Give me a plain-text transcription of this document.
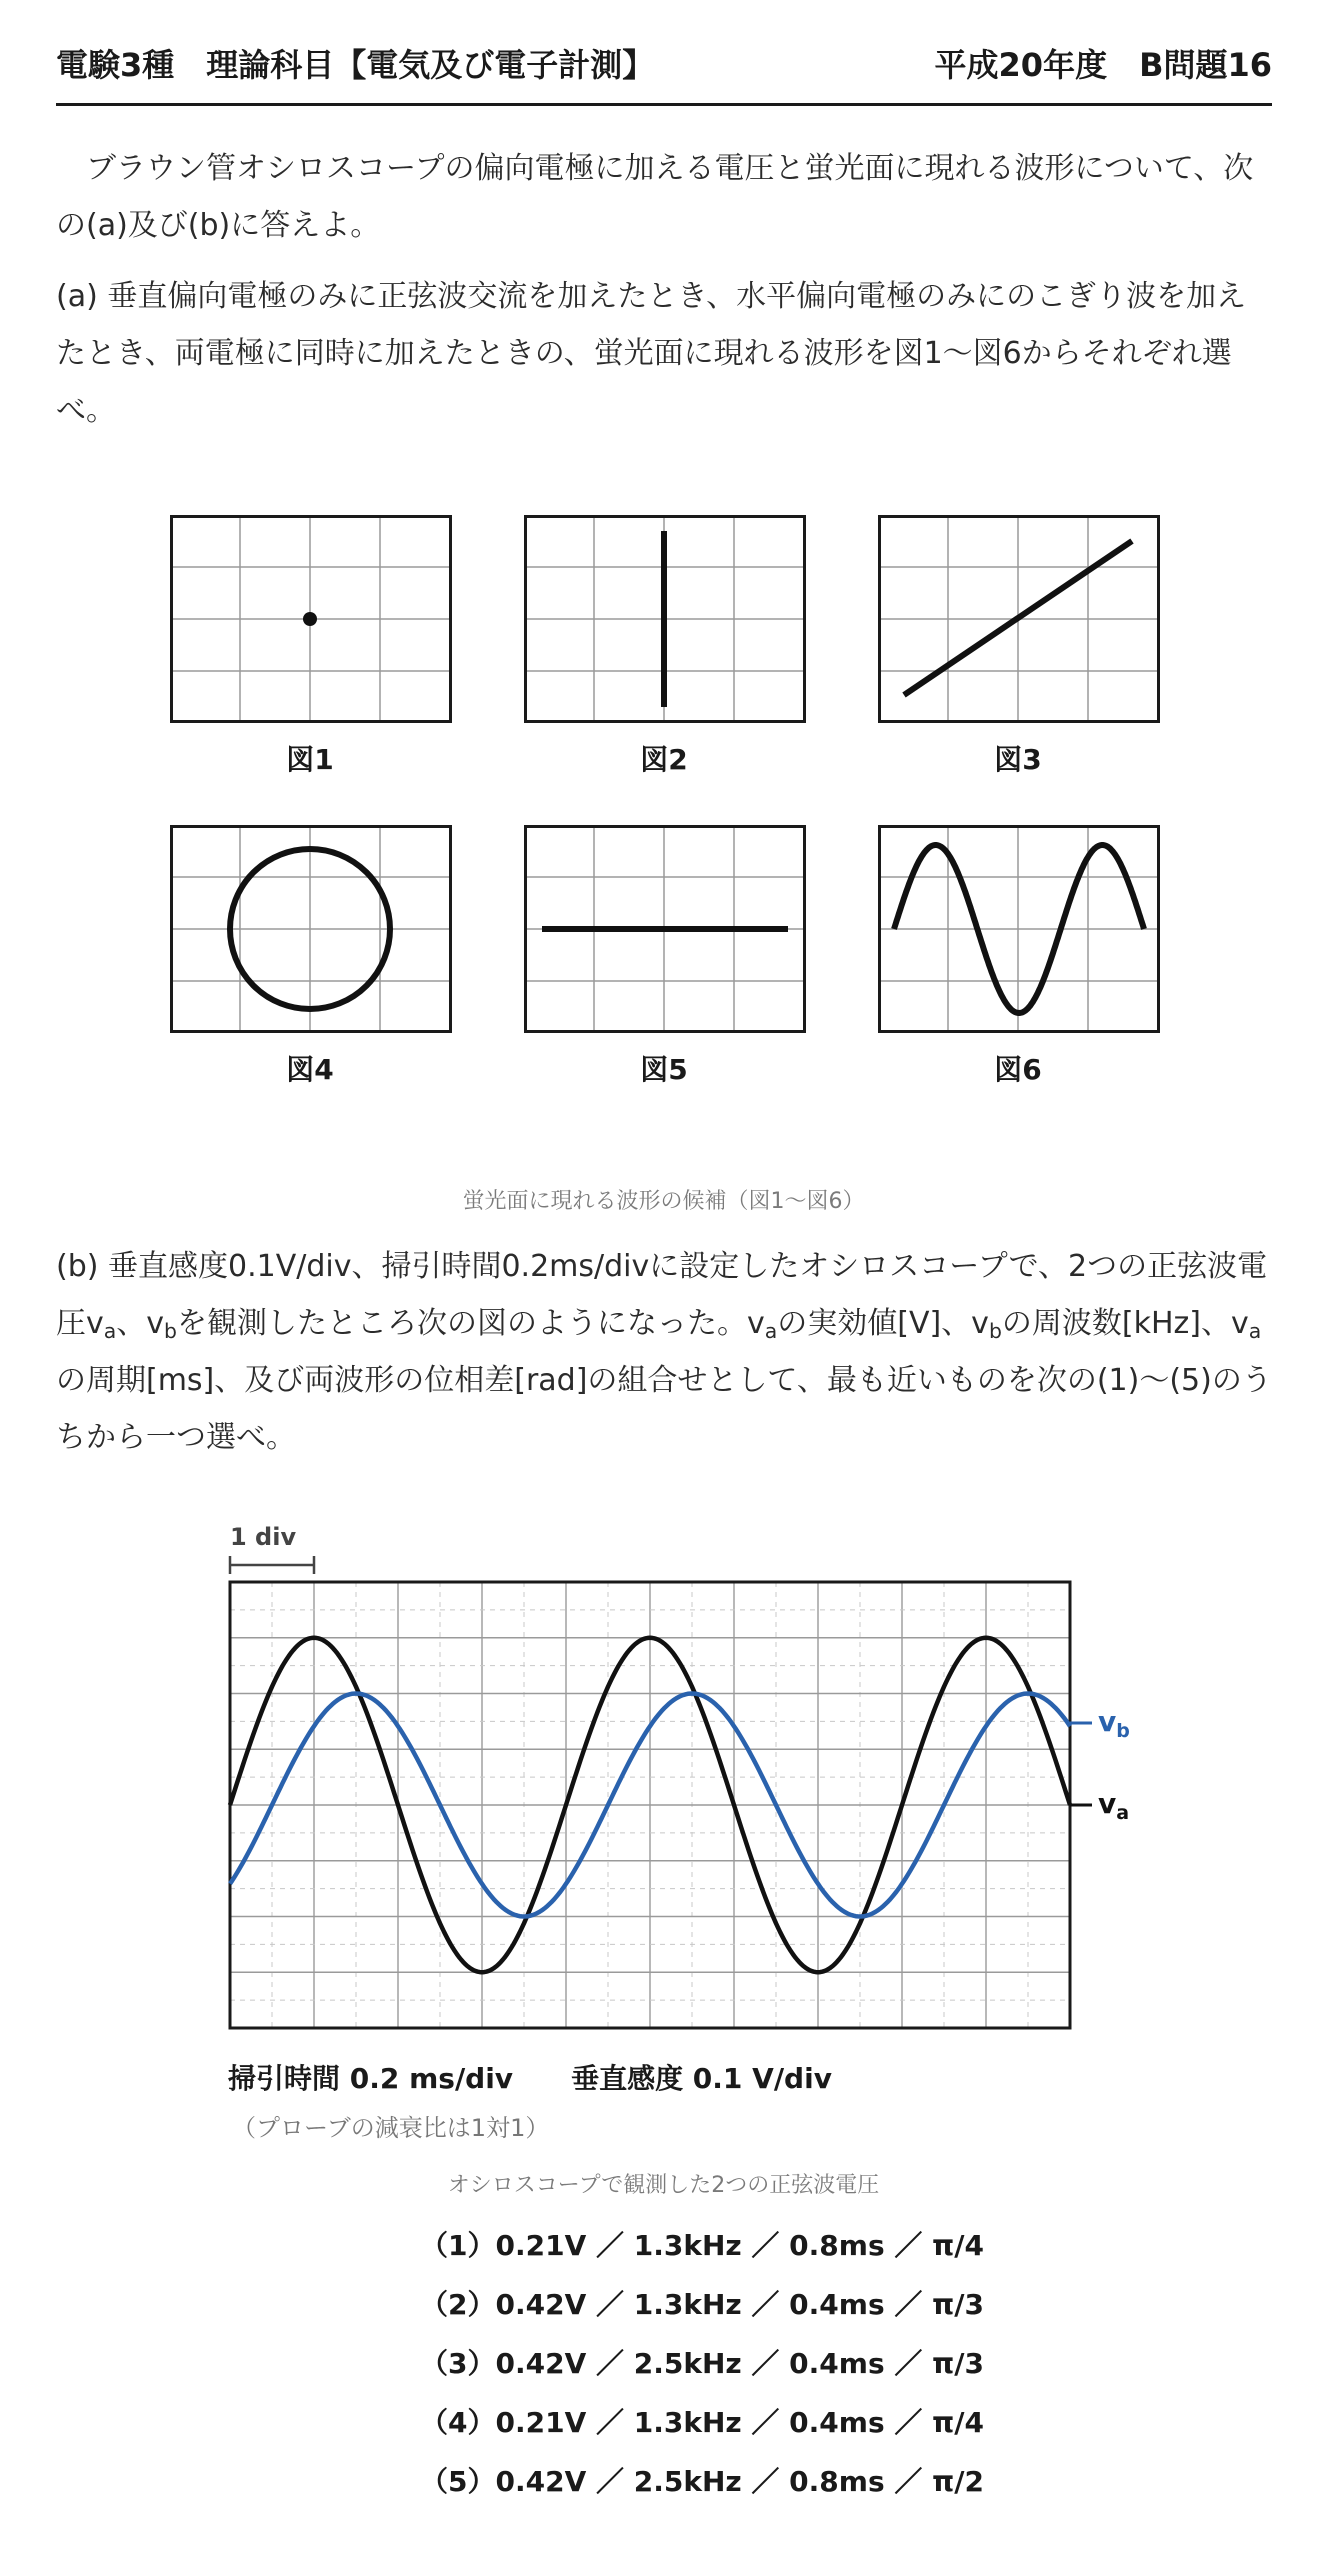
電験3種　理論科目【電気及び電子計測】	平成20年度　B問題16

ブラウン管オシロスコープの偏向電極に加える電圧と蛍光面に現れる波形について、次の(a)及び(b)に答えよ。

(a) 垂直偏向電極のみに正弦波交流を加えたとき、水平偏向電極のみにのこぎり波を加えたとき、両電極に同時に加えたときの、蛍光面に現れる波形を図1～図6からそれぞれ選べ。

図1	図2	図3
図4	図5	図6
蛍光面に現れる波形の候補（図1～図6）

(b) 垂直感度0.1V/div、掃引時間0.2ms/divに設定したオシロスコープで、2つの正弦波電圧$v_a$、$v_b$を観測したところ次の図のようになった。$v_a$の実効値[V]、$v_b$の周波数[kHz]、$v_a$の周期[ms]、及び両波形の位相差[rad]の組合せとして、最も近いものを次の(1)～(5)のうちから一つ選べ。

1 div
$v_b$
$v_a$
掃引時間 0.2 ms/div 垂直感度 0.1 V/div
（プローブの減衰比は1対1）
オシロスコープで観測した2つの正弦波電圧
（1）0.21V ／ 1.3kHz ／ 0.8ms ／ π/4
（2）0.42V ／ 1.3kHz ／ 0.4ms ／ π/3
（3）0.42V ／ 2.5kHz ／ 0.4ms ／ π/3
（4）0.21V ／ 1.3kHz ／ 0.4ms ／ π/4
（5）0.42V ／ 2.5kHz ／ 0.8ms ／ π/2
